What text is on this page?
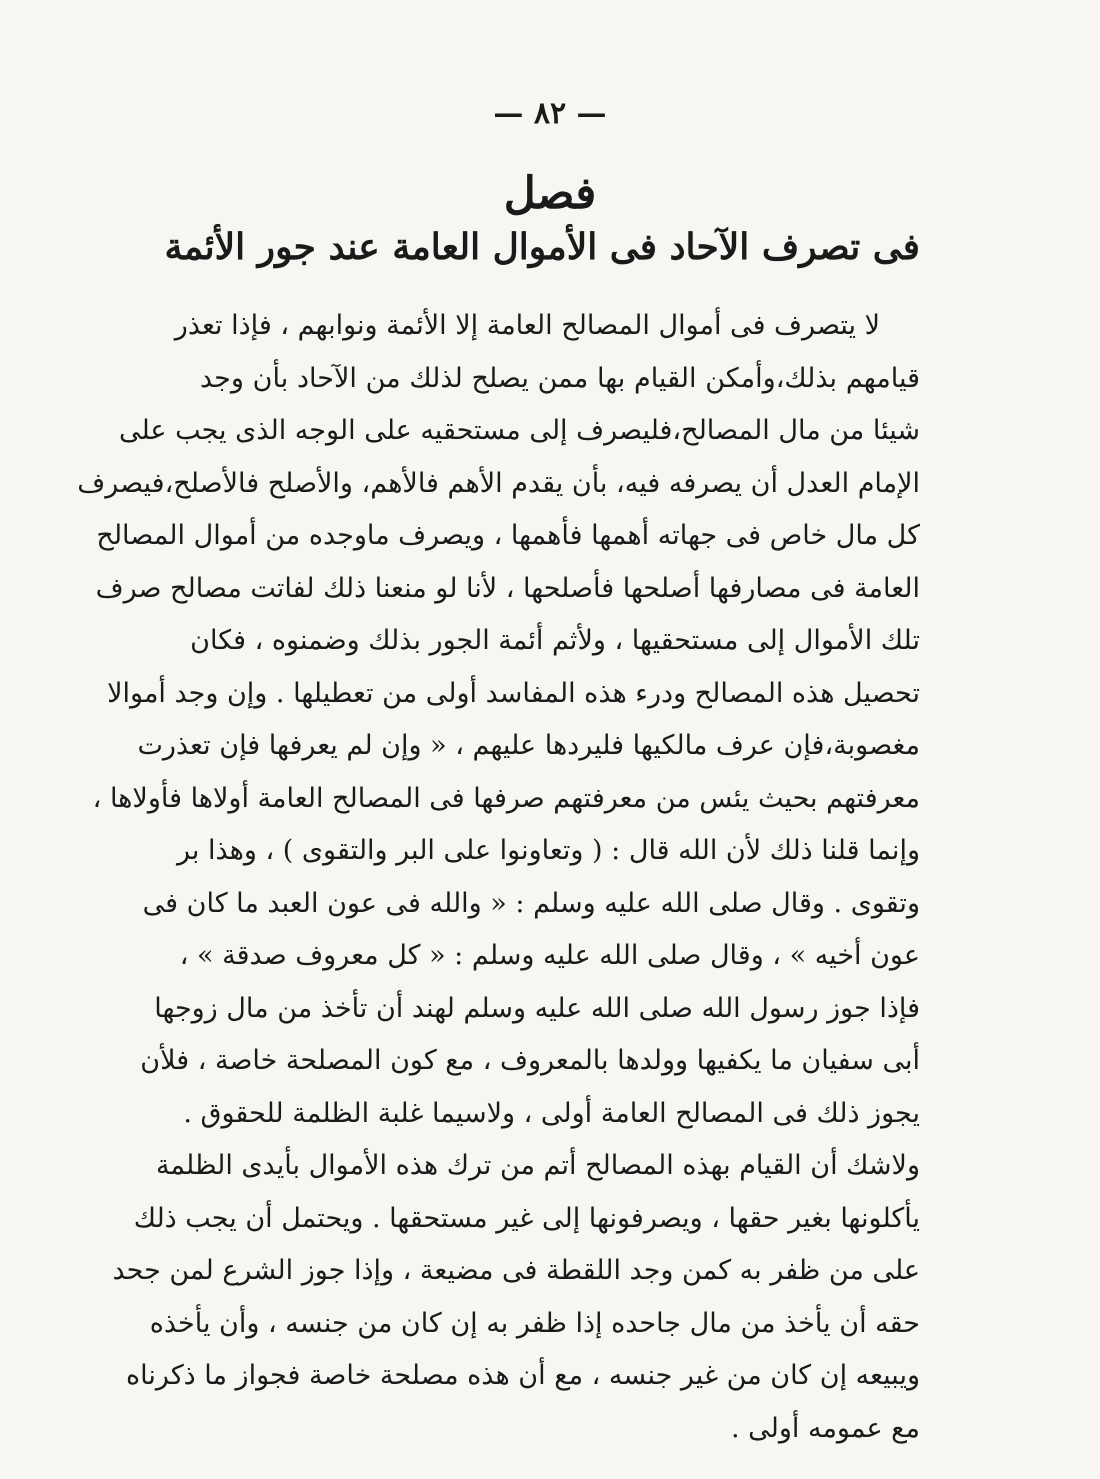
— ٨٢ —
فصل
فى تصرف الآحاد فى الأموال العامة عند جور الأئمة
لا يتصرف فى أموال المصالح العامة إلا الأئمة ونوابهم ، فإذا تعذر
قيامهم بذلك،وأمكن القيام بها ممن يصلح لذلك من الآحاد بأن وجد
شيئا من مال المصالح،فليصرف إلى مستحقيه على الوجه الذى يجب على
الإمام العدل أن يصرفه فيه، بأن يقدم الأهم فالأهم، والأصلح فالأصلح،فيصرف
كل مال خاص فى جهاته أهمها فأهمها ، ويصرف ماوجده من أموال المصالح
العامة فى مصارفها أصلحها فأصلحها ، لأنا لو منعنا ذلك لفاتت مصالح صرف
تلك الأموال إلى مستحقيها ، ولأثم أئمة الجور بذلك وضمنوه ، فكان
تحصيل هذه المصالح ودرء هذه المفاسد أولى من تعطيلها . وإن وجد أموالا
مغصوبة،فإن عرف مالكيها فليردها عليهم ، « وإن لم يعرفها فإن تعذرت
معرفتهم بحيث يئس من معرفتهم صرفها فى المصالح العامة أولاها فأولاها ،
وإنما قلنا ذلك لأن الله قال : ( وتعاونوا على البر والتقوى ) ، وهذا بر
وتقوى . وقال صلى الله عليه وسلم : « والله فى عون العبد ما كان فى
عون أخيه » ، وقال صلى الله عليه وسلم : « كل معروف صدقة » ،
فإذا جوز رسول الله صلى الله عليه وسلم لهند أن تأخذ من مال زوجها
أبى سفيان ما يكفيها وولدها بالمعروف ، مع كون المصلحة خاصة ، فلأن
يجوز ذلك فى المصالح العامة أولى ، ولاسيما غلبة الظلمة للحقوق .
ولاشك أن القيام بهذه المصالح أتم من ترك هذه الأموال بأيدى الظلمة
يأكلونها بغير حقها ، ويصرفونها إلى غير مستحقها . ويحتمل أن يجب ذلك
على من ظفر به كمن وجد اللقطة فى مضيعة ، وإذا جوز الشرع لمن جحد
حقه أن يأخذ من مال جاحده إذا ظفر به إن كان من جنسه ، وأن يأخذه
ويبيعه إن كان من غير جنسه ، مع أن هذه مصلحة خاصة فجواز ما ذكرناه
مع عمومه أولى .
